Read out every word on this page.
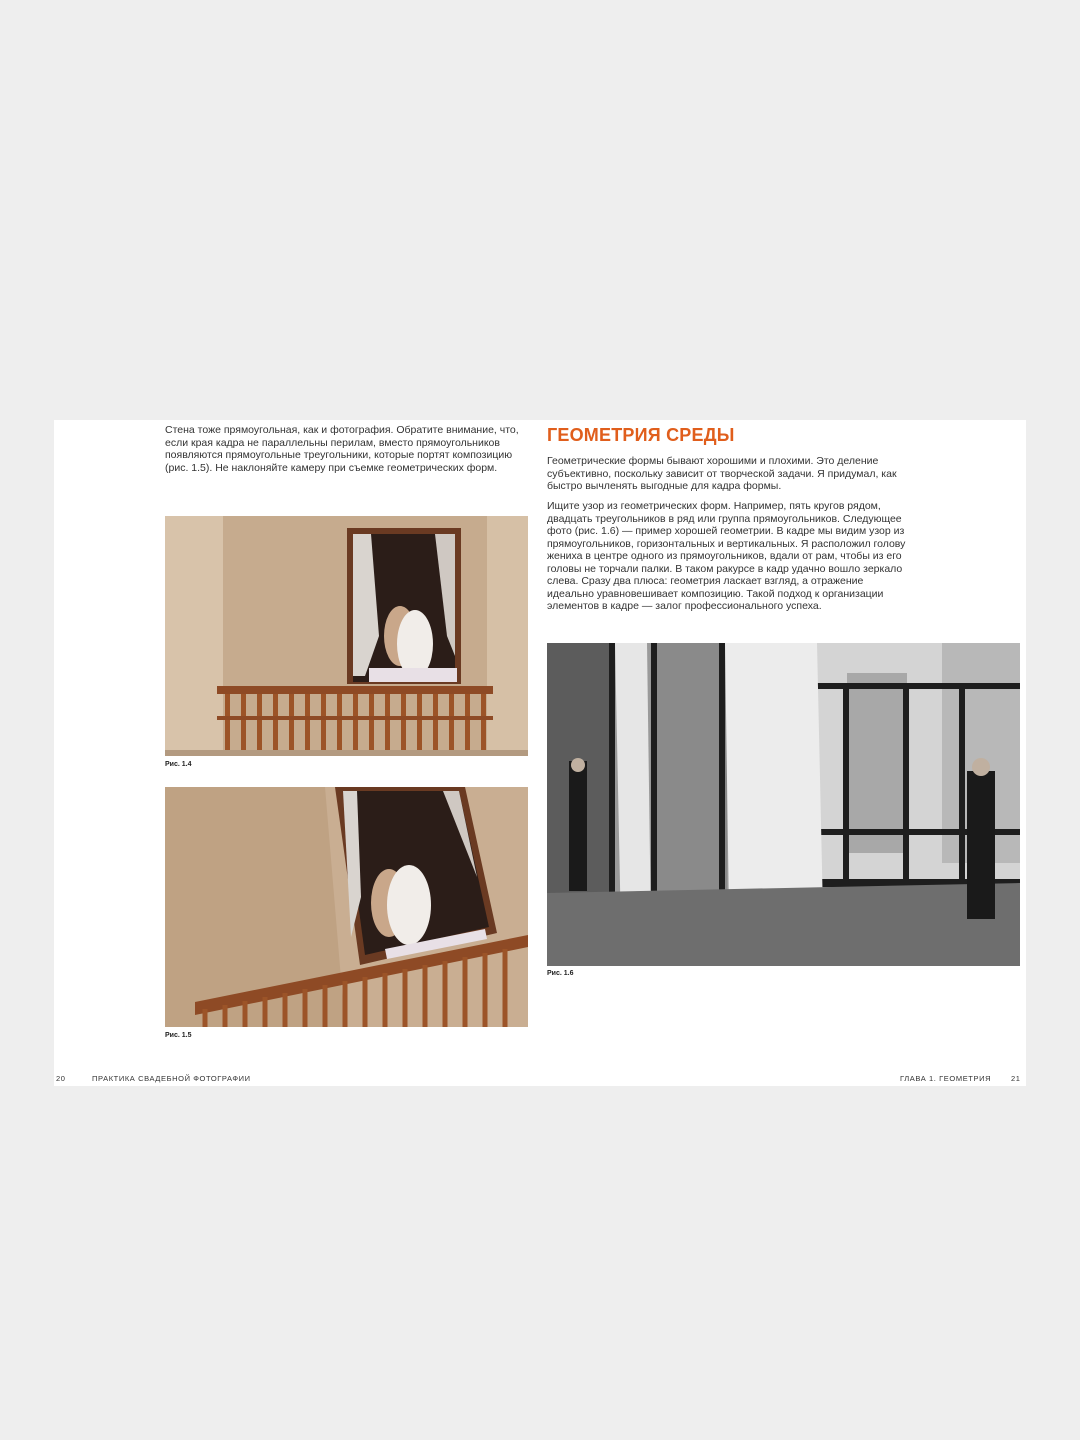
Стена тоже прямоугольная, как и фотография. Обратите внимание, что, если края кадра не параллельны перилам, вместо прямоугольников появляются прямоугольные треугольники, которые портят композицию (рис. 1.5). Не наклоняйте камеру при съемке геометрических форм.
Рис. 1.4
Рис. 1.5
20	ПРАКТИКА СВАДЕБНОЙ ФОТОГРАФИИ
ГЕОМЕТРИЯ СРЕДЫ
Геометрические формы бывают хорошими и плохими. Это деление субъективно, поскольку зависит от творческой задачи. Я придумал, как быстро вычленять выгодные для кадра формы.
Ищите узор из геометрических форм. Например, пять кругов рядом, двадцать треугольников в ряд или группа прямоугольников. Следующее фото (рис. 1.6) — пример хорошей геометрии. В кадре мы видим узор из прямоугольников, горизонтальных и вертикальных. Я расположил голову жениха в центре одного из прямоугольников, вдали от рам, чтобы из его головы не торчали палки. В таком ракурсе в кадр удачно вошло зеркало слева. Сразу два плюса: геометрия ласкает взгляд, а отражение идеально уравновешивает композицию. Такой подход к организации элементов в кадре — залог профессионального успеха.
Рис. 1.6
ГЛАВА 1. ГЕОМЕТРИЯ	21
